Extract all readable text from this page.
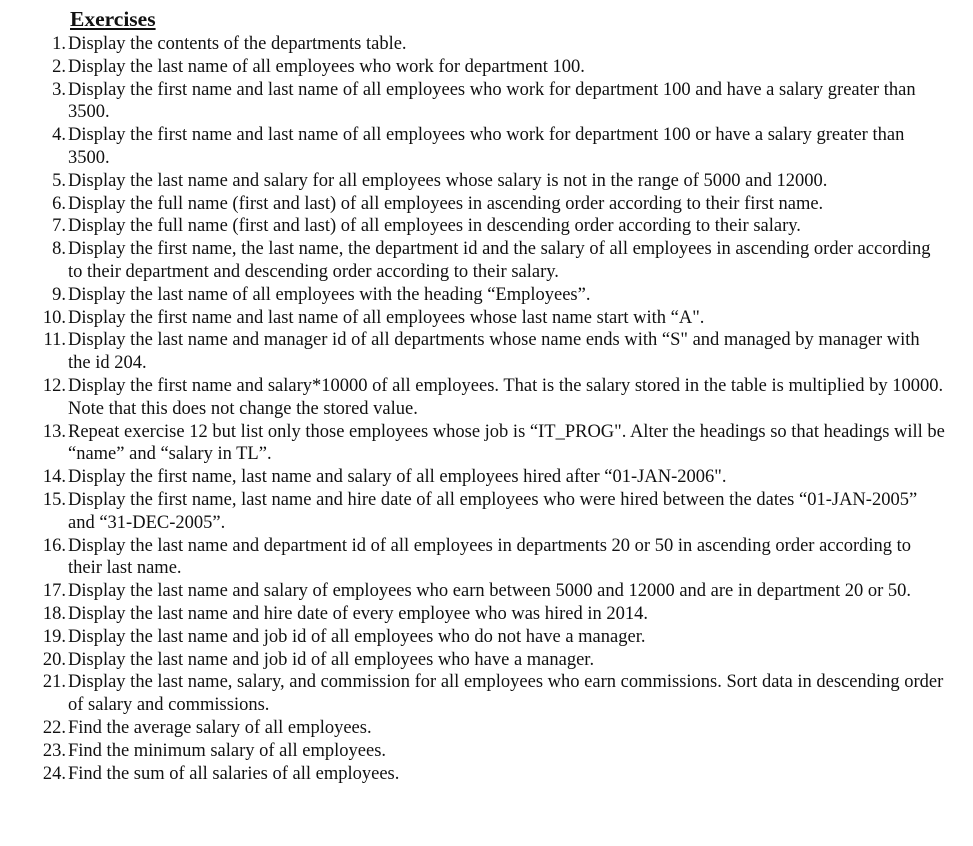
Exercises
1. Display the contents of the departments table.
2. Display the last name of all employees who work for department 100.
3. Display the first name and last name of all employees who work for department 100 and have a salary greater than 3500.
4. Display the first name and last name of all employees who work for department 100 or have a salary greater than 3500.
5. Display the last name and salary for all employees whose salary is not in the range of 5000 and 12000.
6. Display the full name (first and last) of all employees in ascending order according to their first name.
7. Display the full name (first and last) of all employees in descending order according to their salary.
8. Display the first name, the last name, the department id and the salary of all employees in ascending order according to their department and descending order according to their salary.
9. Display the last name of all employees with the heading “Employees”.
10. Display the first name and last name of all employees whose last name start with “A".
11. Display the last name and manager id of all departments whose name ends with “S" and managed by manager with the id 204.
12. Display the first name and salary*10000 of all employees. That is the salary stored in the table is multiplied by 10000. Note that this does not change the stored value.
13. Repeat exercise 12 but list only those employees whose job is “IT_PROG". Alter the headings so that headings will be “name” and “salary in TL”.
14. Display the first name, last name and salary of all employees hired after “01-JAN-2006".
15. Display the first name, last name and hire date of all employees who were hired between the dates “01-JAN-2005” and “31-DEC-2005”.
16. Display the last name and department id of all employees in departments 20 or 50 in ascending order according to their last name.
17. Display the last name and salary of employees who earn between 5000 and 12000 and are in department 20 or 50.
18. Display the last name and hire date of every employee who was hired in 2014.
19. Display the last name and job id of all employees who do not have a manager.
20. Display the last name and job id of all employees who have a manager.
21. Display the last name, salary, and commission for all employees who earn commissions. Sort data in descending order of salary and commissions.
22. Find the average salary of all employees.
23. Find the minimum salary of all employees.
24. Find the sum of all salaries of all employees.
